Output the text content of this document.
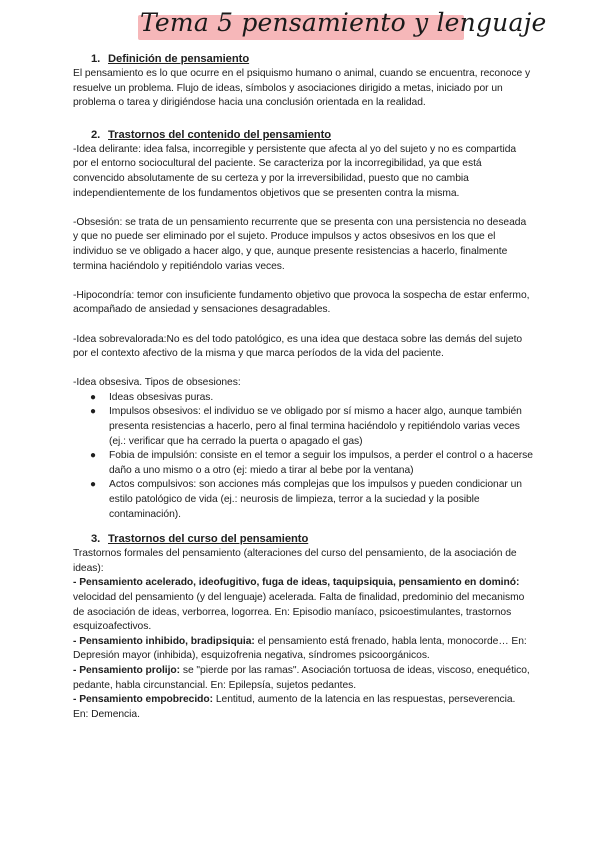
Tema 5 pensamiento y lenguaje
1. Definición de pensamiento

El pensamiento es lo que ocurre en el psiquismo humano o animal, cuando se encuentra, reconoce y resuelve un problema. Flujo de ideas, símbolos y asociaciones dirigido a metas, iniciado por un problema o tarea y dirigiéndose hacia una conclusión orientada en la realidad.

2. Trastornos del contenido del pensamiento

-Idea delirante: idea falsa, incorregible y persistente que afecta al yo del sujeto y no es compartida por el entorno sociocultural del paciente. Se caracteriza por la incorregibilidad, ya que está convencido absolutamente de su certeza y por la irreversibilidad, puesto que no cambia independientemente de los fundamentos objetivos que se presenten contra la misma.

-Obsesión: se trata de un pensamiento recurrente que se presenta con una persistencia no deseada y que no puede ser eliminado por el sujeto. Produce impulsos y actos obsesivos en los que el individuo se ve obligado a hacer algo, y que, aunque presente resistencias a hacerlo, finalmente termina haciéndolo y repitiéndolo varias veces.

-Hipocondría: temor con insuficiente fundamento objetivo que provoca la sospecha de estar enfermo, acompañado de ansiedad y sensaciones desagradables.

-Idea sobrevalorada:No es del todo patológico, es una idea que destaca sobre las demás del sujeto por el contexto afectivo de la misma y que marca períodos de la vida del paciente.

-Idea obsesiva. Tipos de obsesiones:

● Ideas obsesivas puras.
● Impulsos obsesivos: el individuo se ve obligado por sí mismo a hacer algo, aunque también presenta resistencias a hacerlo, pero al final termina haciéndolo y repitiéndolo varias veces (ej.: verificar que ha cerrado la puerta o apagado el gas)
● Fobia de impulsión: consiste en el temor a seguir los impulsos, a perder el control o a hacerse daño a uno mismo o a otro (ej: miedo a tirar al bebe por la ventana)
● Actos compulsivos: son acciones más complejas que los impulsos y pueden condicionar un estilo patológico de vida (ej.: neurosis de limpieza, terror a la suciedad y la posible contaminación).
3. Trastornos del curso del pensamiento

Trastornos formales del pensamiento (alteraciones del curso del pensamiento, de la asociación de ideas):

- Pensamiento acelerado, ideofugitivo, fuga de ideas, taquipsiquia, pensamiento en dominó: velocidad del pensamiento (y del lenguaje) acelerada. Falta de finalidad, predominio del mecanismo de asociación de ideas, verborrea, logorrea. En: Episodio maníaco, psicoestimulantes, trastornos esquizoafectivos.

- Pensamiento inhibido, bradipsiquia: el pensamiento está frenado, habla lenta, monocorde… En: Depresión mayor (inhibida), esquizofrenia negativa, síndromes psicoorgánicos.

- Pensamiento prolijo: se "pierde por las ramas". Asociación tortuosa de ideas, viscoso, enequético, pedante, habla circunstancial. En: Epilepsía, sujetos pedantes.

- Pensamiento empobrecido: Lentitud, aumento de la latencia en las respuestas, perseverencia. En: Demencia.
